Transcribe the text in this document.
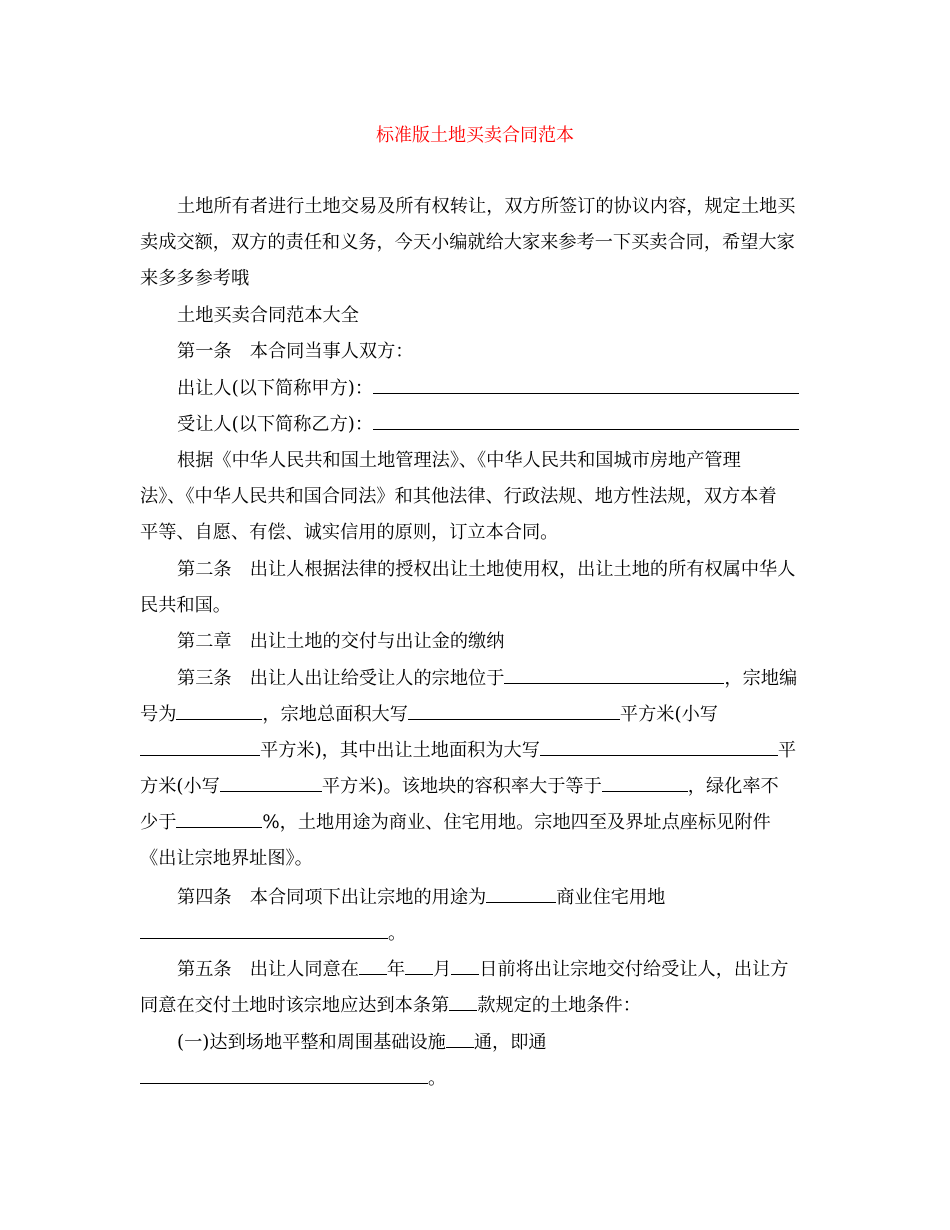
标准版土地买卖合同范本
土地所有者进行土地交易及所有权转让，双方所签订的协议内容，规定土地买
卖成交额，双方的责任和义务，今天小编就给大家来参考一下买卖合同，希望大家
来多多参考哦
土地买卖合同范本大全
第一条　本合同当事人双方：
出让人(以下简称甲方)：
受让人(以下简称乙方)：
根据《中华人民共和国土地管理法》、《中华人民共和国城市房地产管理
法》、《中华人民共和国合同法》和其他法律、行政法规、地方性法规，双方本着
平等、自愿、有偿、诚实信用的原则，订立本合同。
第二条　出让人根据法律的授权出让土地使用权，出让土地的所有权属中华人
民共和国。
第二章　出让土地的交付与出让金的缴纳
第三条　出让人出让给受让人的宗地位于	，宗地编
号为	，宗地总面积大写	平方米(小写
平方米)，其中出让土地面积为大写	平
方米(小写	平方米)。该地块的容积率大于等于	，绿化率不
少于	%，土地用途为商业、住宅用地。宗地四至及界址点座标见附件
《出让宗地界址图》。
第四条　本合同项下出让宗地的用途为	商业住宅用地
。
第五条　出让人同意在 年 月 日前将出让宗地交付给受让人，出让方
同意在交付土地时该宗地应达到本条第 款规定的土地条件：
(一)达到场地平整和周围基础设施 通，即通
。
